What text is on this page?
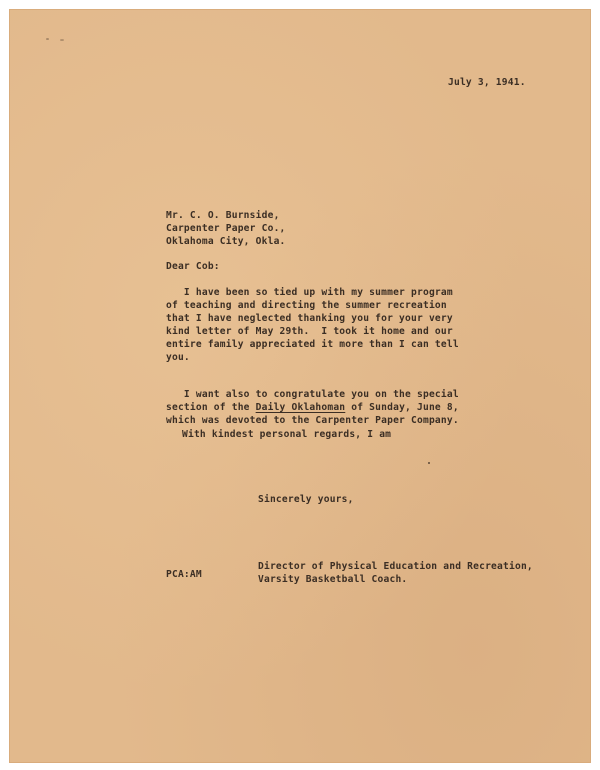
July 3, 1941.
Mr. C. O. Burnside,
Carpenter Paper Co.,
Oklahoma City, Okla.
Dear Cob:
I have been so tied up with my summer program
of teaching and directing the summer recreation
that I have neglected thanking you for your very
kind letter of May 29th.  I took it home and our
entire family appreciated it more than I can tell
you.
I want also to congratulate you on the special
section of the Daily Oklahoman of Sunday, June 8,
which was devoted to the Carpenter Paper Company.
With kindest personal regards, I am
Sincerely yours,
Director of Physical Education and Recreation,
Varsity Basketball Coach.
PCA:AM
